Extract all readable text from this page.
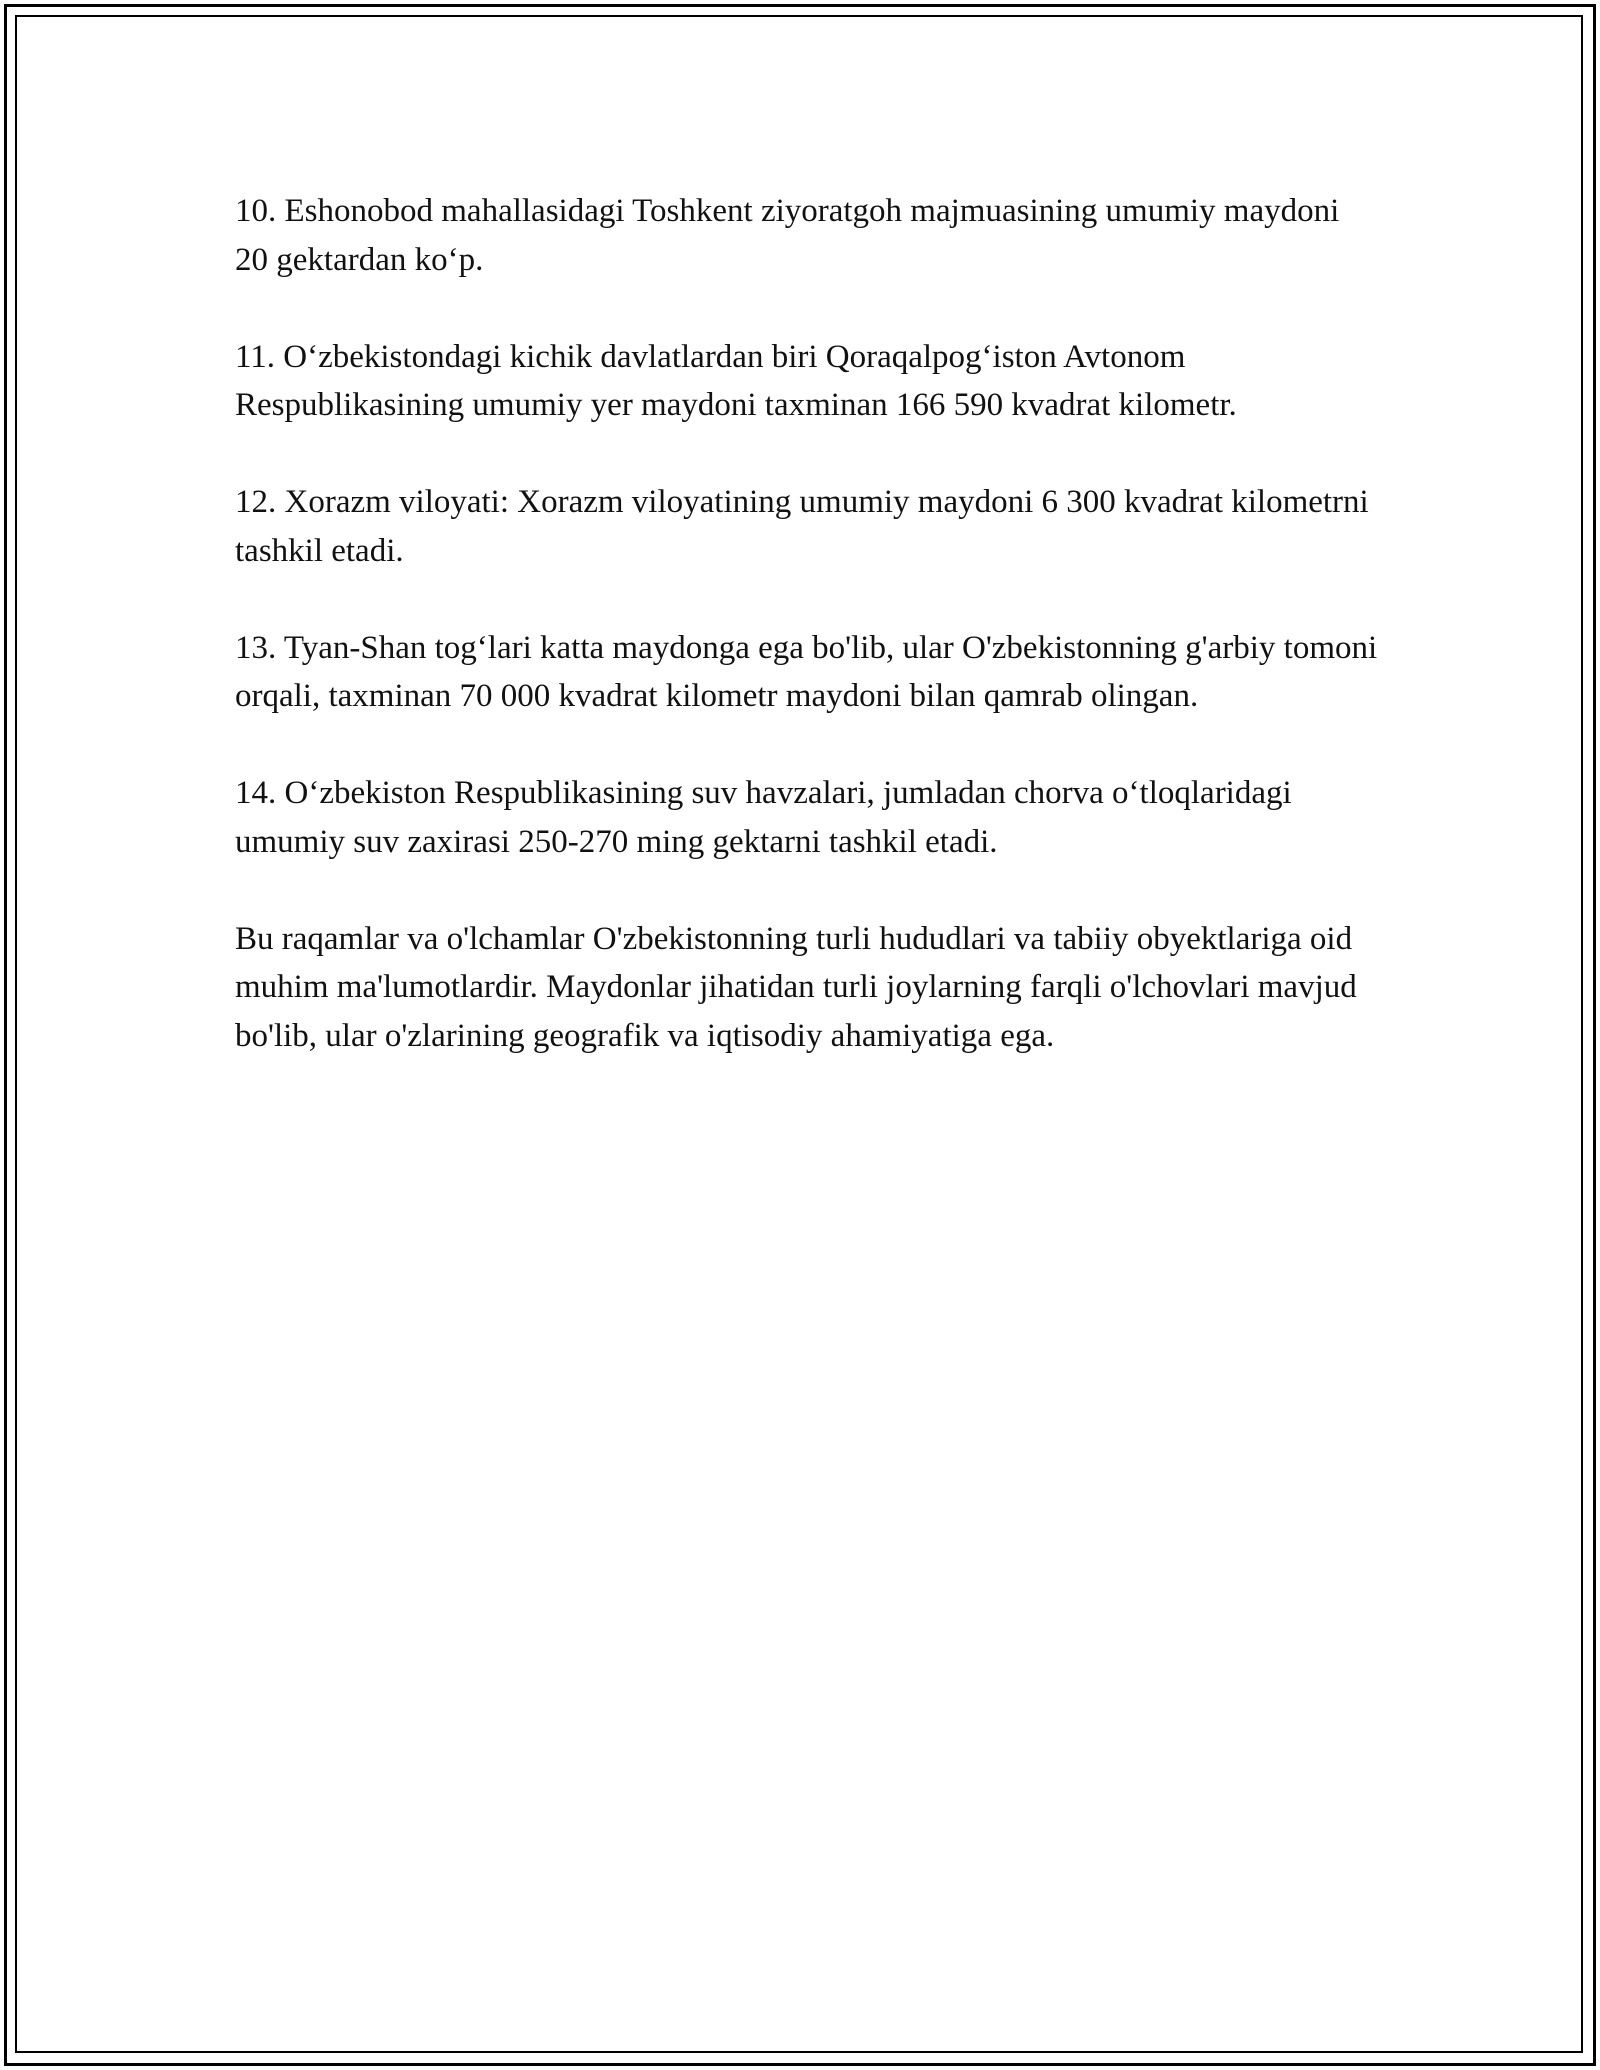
10. Eshonobod mahallasidagi Toshkent ziyoratgoh majmuasining umumiy maydoni 20 gektardan ko‘p.

11. O‘zbekistondagi kichik davlatlardan biri Qoraqalpog‘iston Avtonom Respublikasining umumiy yer maydoni taxminan 166 590 kvadrat kilometr.

12. Xorazm viloyati: Xorazm viloyatining umumiy maydoni 6 300 kvadrat kilometrni tashkil etadi.

13. Tyan-Shan tog‘lari katta maydonga ega bo'lib, ular O'zbekistonning g'arbiy tomoni orqali, taxminan 70 000 kvadrat kilometr maydoni bilan qamrab olingan.

14. O‘zbekiston Respublikasining suv havzalari, jumladan chorva o‘tloqlaridagi umumiy suv zaxirasi 250-270 ming gektarni tashkil etadi.

Bu raqamlar va o'lchamlar O'zbekistonning turli hududlari va tabiiy obyektlariga oid muhim ma'lumotlardir. Maydonlar jihatidan turli joylarning farqli o'lchovlari mavjud bo'lib, ular o'zlarining geografik va iqtisodiy ahamiyatiga ega.
